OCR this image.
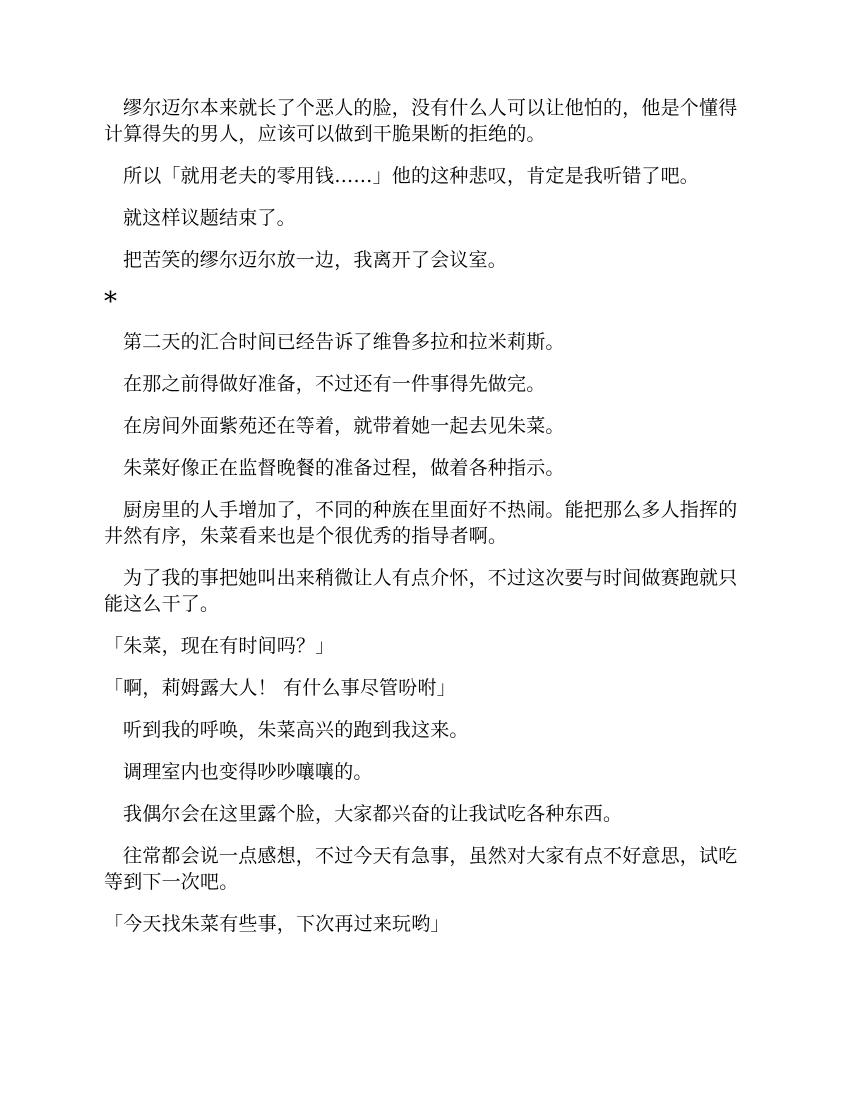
缪尔迈尔本来就长了个恶人的脸，没有什么人可以让他怕的，他是个懂得计算得失的男人，应该可以做到干脆果断的拒绝的。

所以「就用老夫的零用钱……」他的这种悲叹，肯定是我听错了吧。

就这样议题结束了。

把苦笑的缪尔迈尔放一边，我离开了会议室。

*

第二天的汇合时间已经告诉了维鲁多拉和拉米莉斯。

在那之前得做好准备，不过还有一件事得先做完。

在房间外面紫苑还在等着，就带着她一起去见朱菜。

朱菜好像正在监督晚餐的准备过程，做着各种指示。

厨房里的人手增加了，不同的种族在里面好不热闹。能把那么多人指挥的井然有序，朱菜看来也是个很优秀的指导者啊。

为了我的事把她叫出来稍微让人有点介怀，不过这次要与时间做赛跑就只能这么干了。

「朱菜，现在有时间吗？」

「啊，莉姆露大人！ 有什么事尽管吩咐」

听到我的呼唤，朱菜高兴的跑到我这来。

调理室内也变得吵吵嚷嚷的。

我偶尔会在这里露个脸，大家都兴奋的让我试吃各种东西。

往常都会说一点感想，不过今天有急事，虽然对大家有点不好意思，试吃等到下一次吧。

「今天找朱菜有些事，下次再过来玩哟」
